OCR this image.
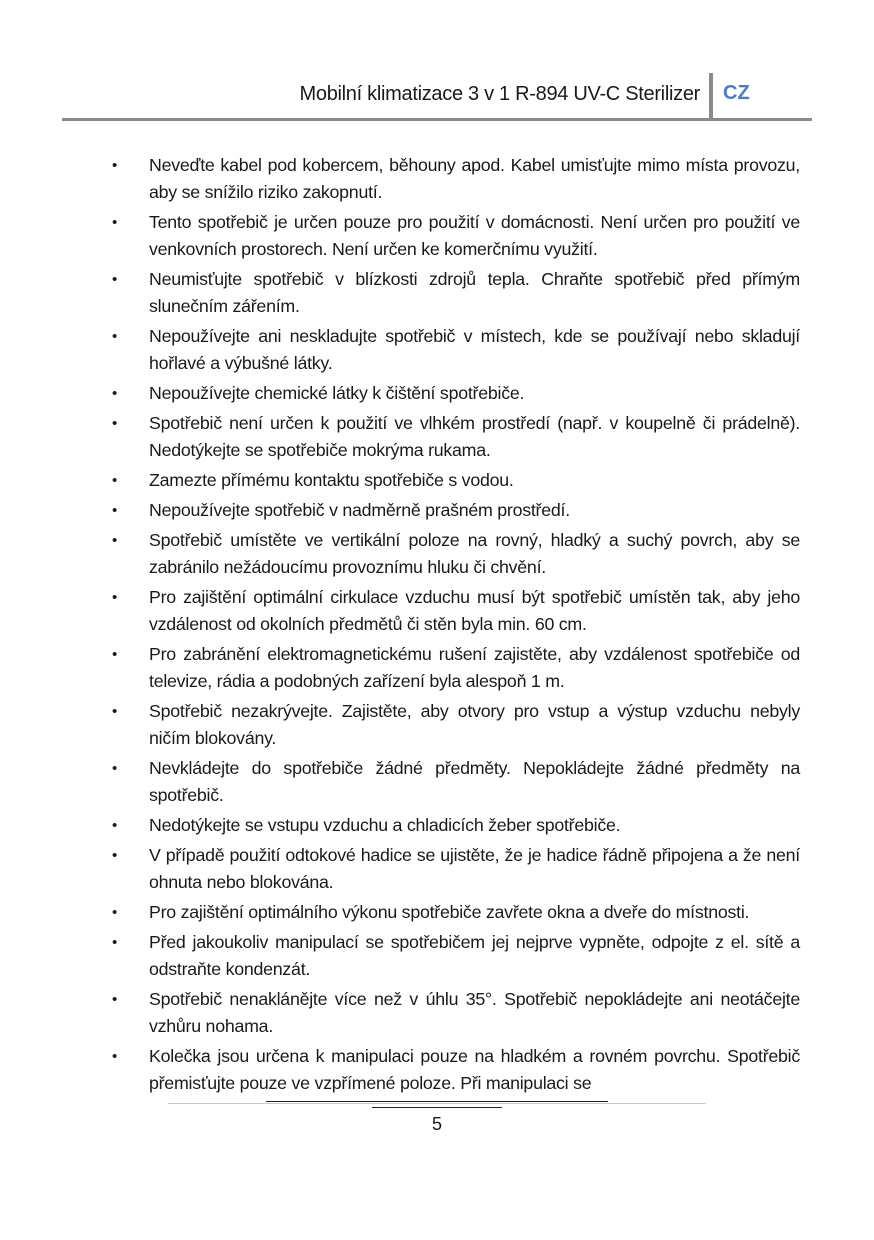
Mobilní klimatizace 3 v 1 R-894 UV-C Sterilizer CZ
• Neveďte kabel pod kobercem, běhouny apod. Kabel umisťujte mimo místa provozu, aby se snížilo riziko zakopnutí.
• Tento spotřebič je určen pouze pro použití v domácnosti. Není určen pro použití ve venkovních prostorech. Není určen ke komerčnímu využití.
• Neumisťujte spotřebič v blízkosti zdrojů tepla. Chraňte spotřebič před přímým slunečním zářením.
• Nepoužívejte ani neskladujte spotřebič v místech, kde se používají nebo skladují hořlavé a výbušné látky.
• Nepoužívejte chemické látky k čištění spotřebiče.
• Spotřebič není určen k použití ve vlhkém prostředí (např. v koupelně či prádelně). Nedotýkejte se spotřebiče mokrýma rukama.
• Zamezte přímému kontaktu spotřebiče s vodou.
• Nepoužívejte spotřebič v nadměrně prašném prostředí.
• Spotřebič umístěte ve vertikální poloze na rovný, hladký a suchý povrch, aby se zabránilo nežádoucímu provoznímu hluku či chvění.
• Pro zajištění optimální cirkulace vzduchu musí být spotřebič umístěn tak, aby jeho vzdálenost od okolních předmětů či stěn byla min. 60 cm.
• Pro zabránění elektromagnetickému rušení zajistěte, aby vzdálenost spotřebiče od televize, rádia a podobných zařízení byla alespoň 1 m.
• Spotřebič nezakrývejte. Zajistěte, aby otvory pro vstup a výstup vzduchu nebyly ničím blokovány.
• Nevkládejte do spotřebiče žádné předměty. Nepokládejte žádné předměty na spotřebič.
• Nedotýkejte se vstupu vzduchu a chladicích žeber spotřebiče.
• V případě použití odtokové hadice se ujistěte, že je hadice řádně připojena a že není ohnuta nebo blokována.
• Pro zajištění optimálního výkonu spotřebiče zavřete okna a dveře do místnosti.
• Před jakoukoliv manipulací se spotřebičem jej nejprve vypněte, odpojte z el. sítě a odstraňte kondenzát.
• Spotřebič nenaklánějte více než v úhlu 35°. Spotřebič nepokládejte ani neotáčejte vzhůru nohama.
• Kolečka jsou určena k manipulaci pouze na hladkém a rovném povrchu. Spotřebič přemisťujte pouze ve vzpřímené poloze. Při manipulaci se
5
